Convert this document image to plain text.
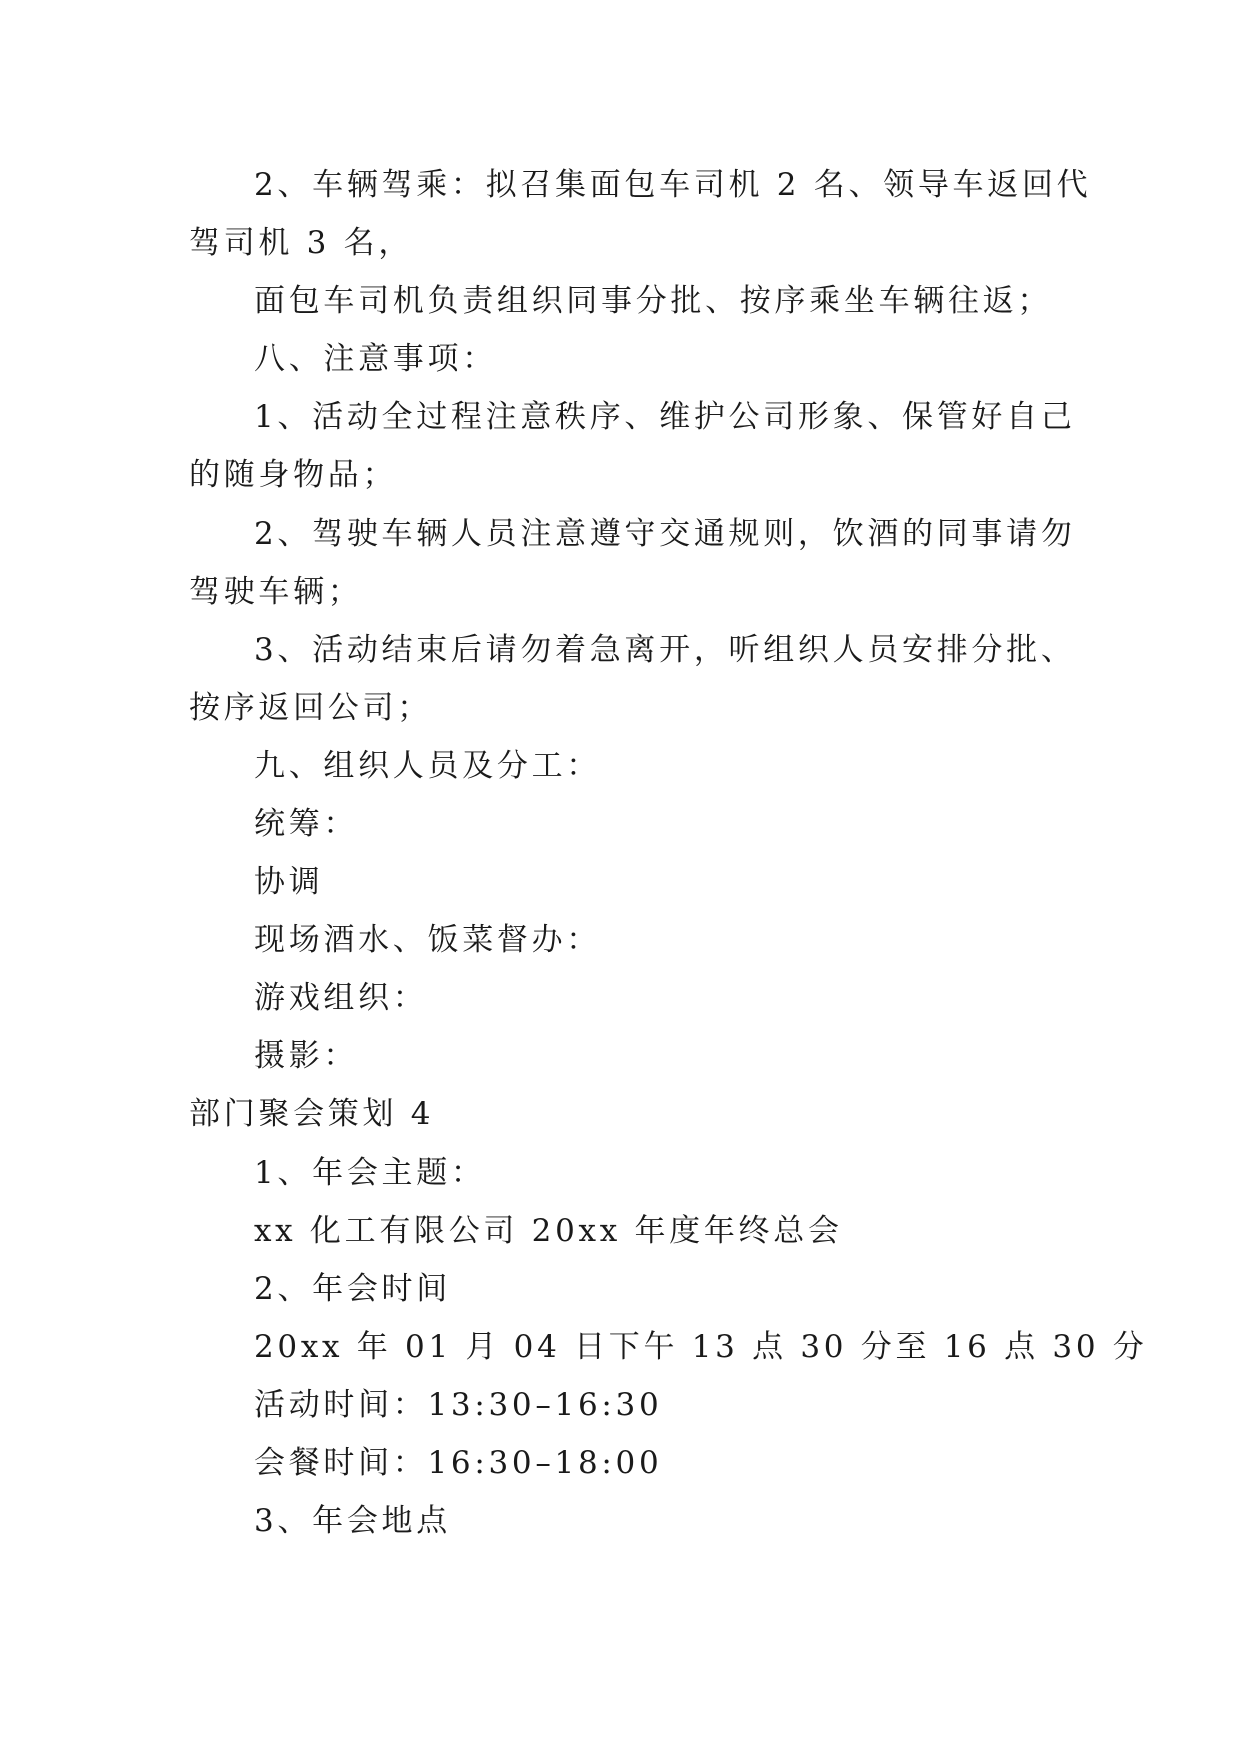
2、车辆驾乘：拟召集面包车司机 2 名、领导车返回代
驾司机 3 名，
面包车司机负责组织同事分批、按序乘坐车辆往返；
八、注意事项：
1、活动全过程注意秩序、维护公司形象、保管好自己
的随身物品；
2、驾驶车辆人员注意遵守交通规则，饮酒的同事请勿
驾驶车辆；
3、活动结束后请勿着急离开，听组织人员安排分批、
按序返回公司；
九、组织人员及分工：
统筹：
协调
现场酒水、饭菜督办：
游戏组织：
摄影：
部门聚会策划 4
1、年会主题：
xx 化工有限公司 20xx 年度年终总会
2、年会时间
20xx 年 01 月 04 日下午 13 点 30 分至 16 点 30 分
活动时间：13:30–16:30
会餐时间：16:30–18:00
3、年会地点
